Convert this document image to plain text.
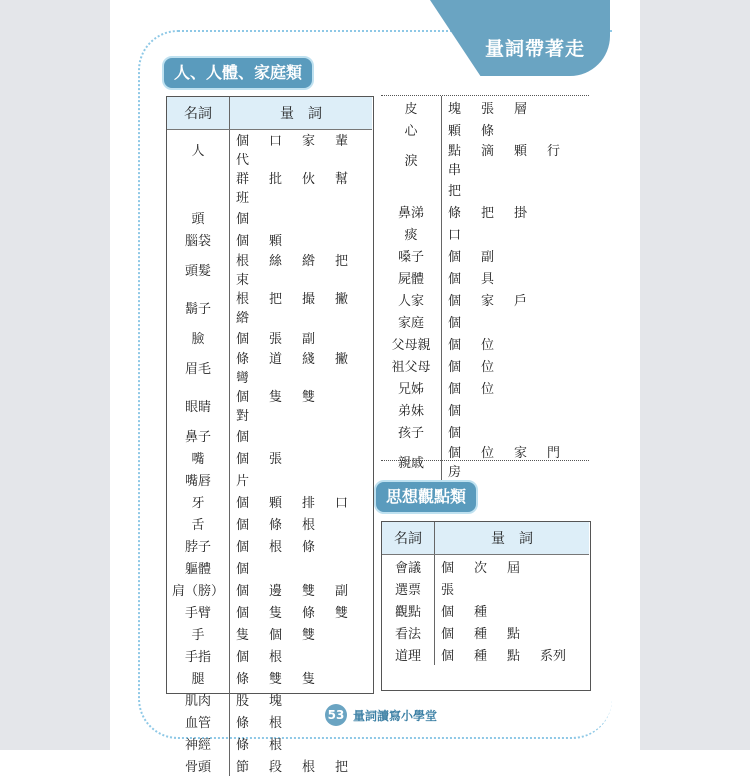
量詞帶著走
人、人體、家庭類
名詞	量　詞
人	個 口 家 輩代
	群 批 伙 幫班
頭	個
腦袋	個 顆
頭髮	根 絲 綹 把束
鬍子	根 把 撮 撇綹
臉	個 張 副
眉毛	條 道 綫 撇彎
眼睛	個 隻 雙對
鼻子	個
嘴	個 張
嘴唇	片
牙	個 顆 排 口
舌	個 條 根
脖子	個 根 條
軀體	個
肩（膀）	個 邊 雙 副
手臂	個 隻 條 雙
手	隻 個 雙
手指	個 根
腿	條 雙 隻
肌肉	股 塊
血管	條 根
神經	條 根
骨頭	節 段 根 把
皮	塊 張 層
心	顆 條
淚	點 滴 顆 行串
	把
鼻涕	條 把 掛
痰	口
嗓子	個 副
屍體	個 具
人家	個 家 戶
家庭	個
父母親	個 位
祖父母	個 位
兄姊	個 位
弟妹	個
孩子	個
親戚	個 位 家 門房
思想觀點類
名詞	量　詞
會議	個 次 屆
選票	張
觀點	個 種
看法	個 種 點
道理	個 種 點 系列
53 量詞讀寫小學堂
